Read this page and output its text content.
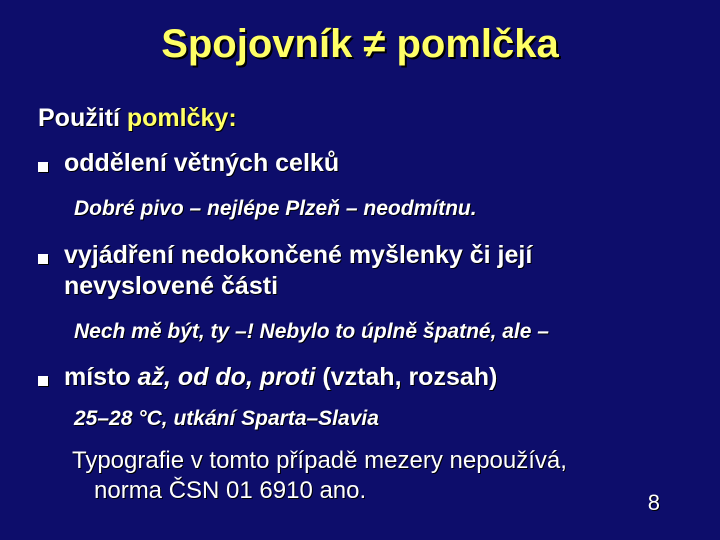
Spojovník ≠ pomlčka
Použití pomlčky:
oddělení větných celků
Dobré pivo – nejlépe Plzeň – neodmítnu.
vyjádření nedokončené myšlenky či její
nevyslovené části
Nech mě být, ty –! Nebylo to úplně špatné, ale –
místo až, od do, proti (vztah, rozsah)
25–28 °C, utkání Sparta–Slavia
Typografie v tomto případě mezery nepoužívá,
norma ČSN 01 6910 ano.	8
